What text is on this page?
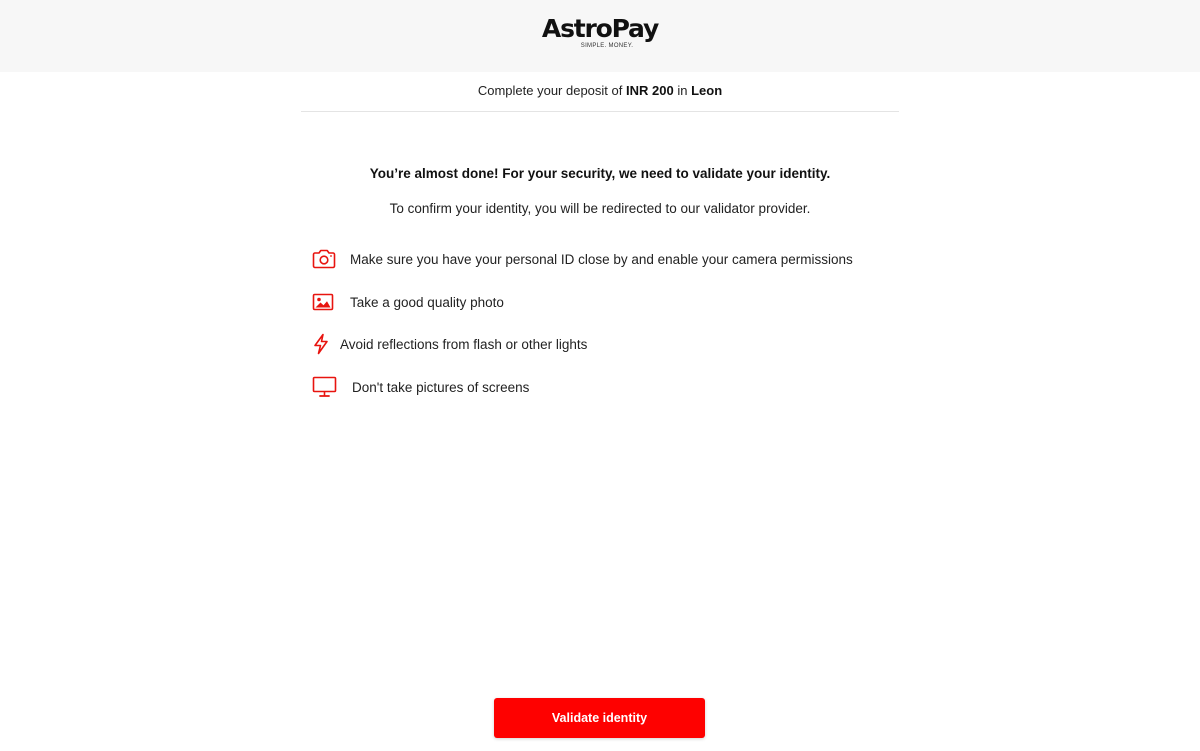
AstroPay
SIMPLE. MONEY.
Complete your deposit of INR 200 in Leon
You’re almost done! For your security, we need to validate your identity.
To confirm your identity, you will be redirected to our validator provider.
Make sure you have your personal ID close by and enable your camera permissions
Take a good quality photo
Avoid reflections from flash or other lights
Don't take pictures of screens
Validate identity
